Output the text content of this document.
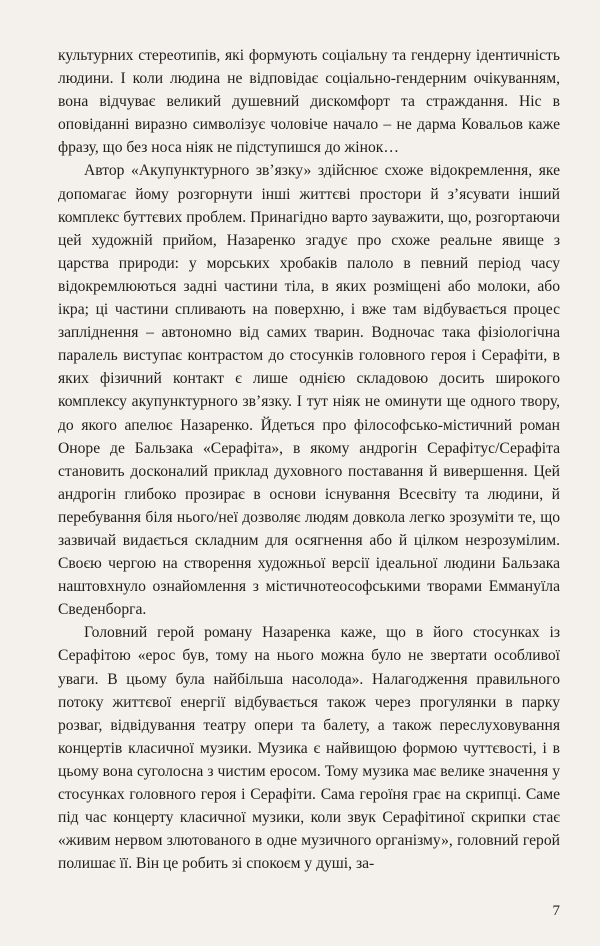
культурних стереотипів, які формують соціальну та гендерну ідентичність людини. І коли людина не відповідає соціально-гендерним очікуванням, вона відчуває великий душевний дискомфорт та страждання. Ніс в оповіданні виразно символізує чоловіче начало – не дарма Ковальов каже фразу, що без носа ніяк не підступишся до жінок…

Автор «Акупунктурного зв’язку» здійснює схоже відокремлення, яке допомагає йому розгорнути інші життєві простори й з’ясувати інший комплекс буттєвих проблем. Принагідно варто зауважити, що, розгортаючи цей художній прийом, Назаренко згадує про схоже реальне явище з царства природи: у морських хробаків палоло в певний період часу відокремлюються задні частини тіла, в яких розміщені або молоки, або ікра; ці частини спливають на поверхню, і вже там відбувається процес запліднення – автономно від самих тварин. Водночас така фізіологічна паралель виступає контрастом до стосунків головного героя і Серафіти, в яких фізичний контакт є лише однією складовою досить широкого комплексу акупунктурного зв’язку. І тут ніяк не оминути ще одного твору, до якого апелює Назаренко. Йдеться про філософсько-містичний роман Оноре де Бальзака «Серафіта», в якому андрогін Серафітус/Серафіта становить досконалий приклад духовного поставання й вивершення. Цей андрогін глибоко прозирає в основи існування Всесвіту та людини, й перебування біля нього/неї дозволяє людям довкола легко зрозуміти те, що зазвичай видається складним для осягнення або й цілком незрозумілим. Своєю чергою на створення художньої версії ідеальної людини Бальзака наштовхнуло ознайомлення з містичнотеософськими творами Еммануїла Сведенборга.

Головний герой роману Назаренка каже, що в його стосунках із Серафітою «ерос був, тому на нього можна було не звертати особливої уваги. В цьому була найбільша насолода». Налагодження правильного потоку життєвої енергії відбувається також через прогулянки в парку розваг, відвідування театру опери та балету, а також переслуховування концертів класичної музики. Музика є найвищою формою чуттєвості, і в цьому вона суголосна з чистим еросом. Тому музика має велике значення у стосунках головного героя і Серафіти. Сама героїня грає на скрипці. Саме під час концерту класичної музики, коли звук Серафітиної скрипки стає «живим нервом злютованого в одне музичного організму», головний герой полишає її. Він це робить зі спокоєм у душі, за-

7
